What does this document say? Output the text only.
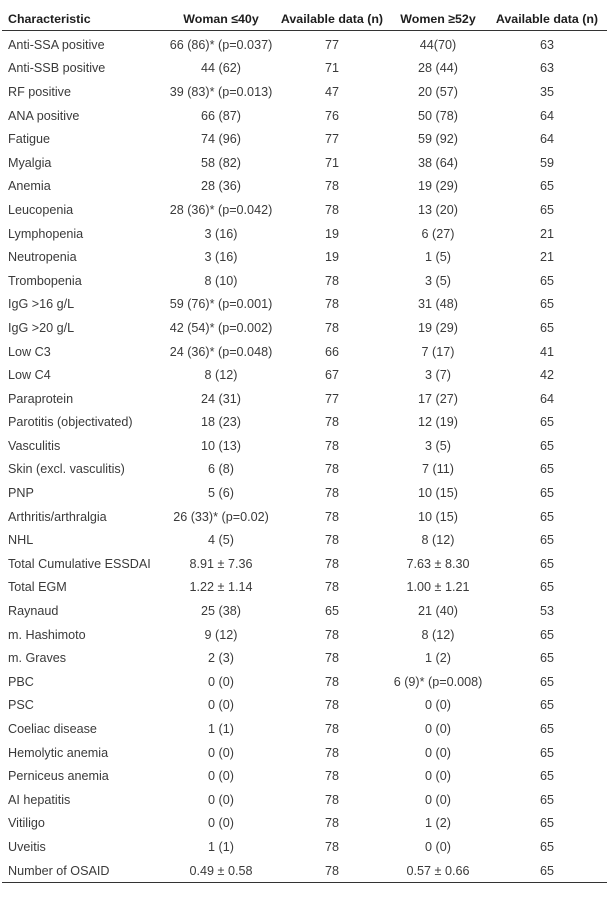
Characteristic	Woman ≤40y	Available data (n)	Women ≥52y	Available data (n)
Anti-SSA positive	66 (86)* (p=0.037)	77	44(70)	63
Anti-SSB positive	44 (62)	71	28 (44)	63
RF positive	39 (83)* (p=0.013)	47	20 (57)	35
ANA positive	66 (87)	76	50 (78)	64
Fatigue	74 (96)	77	59 (92)	64
Myalgia	58 (82)	71	38 (64)	59
Anemia	28 (36)	78	19 (29)	65
Leucopenia	28 (36)* (p=0.042)	78	13 (20)	65
Lymphopenia	3 (16)	19	6 (27)	21
Neutropenia	3 (16)	19	1 (5)	21
Trombopenia	8 (10)	78	3 (5)	65
IgG >16 g/L	59 (76)* (p=0.001)	78	31 (48)	65
IgG >20 g/L	42 (54)* (p=0.002)	78	19 (29)	65
Low C3	24 (36)* (p=0.048)	66	7 (17)	41
Low C4	8 (12)	67	3 (7)	42
Paraprotein	24 (31)	77	17 (27)	64
Parotitis (objectivated)	18 (23)	78	12 (19)	65
Vasculitis	10 (13)	78	3 (5)	65
Skin (excl. vasculitis)	6 (8)	78	7 (11)	65
PNP	5 (6)	78	10 (15)	65
Arthritis/arthralgia	26 (33)* (p=0.02)	78	10 (15)	65
NHL	4 (5)	78	8 (12)	65
Total Cumulative ESSDAI	8.91 ± 7.36	78	7.63 ± 8.30	65
Total EGM	1.22 ± 1.14	78	1.00 ± 1.21	65
Raynaud	25 (38)	65	21 (40)	53
m. Hashimoto	9 (12)	78	8 (12)	65
m. Graves	2 (3)	78	1 (2)	65
PBC	0 (0)	78	6 (9)* (p=0.008)	65
PSC	0 (0)	78	0 (0)	65
Coeliac disease	1 (1)	78	0 (0)	65
Hemolytic anemia	0 (0)	78	0 (0)	65
Perniceus anemia	0 (0)	78	0 (0)	65
AI hepatitis	0 (0)	78	0 (0)	65
Vitiligo	0 (0)	78	1 (2)	65
Uveitis	1 (1)	78	0 (0)	65
Number of OSAID	0.49 ± 0.58	78	0.57 ± 0.66	65
